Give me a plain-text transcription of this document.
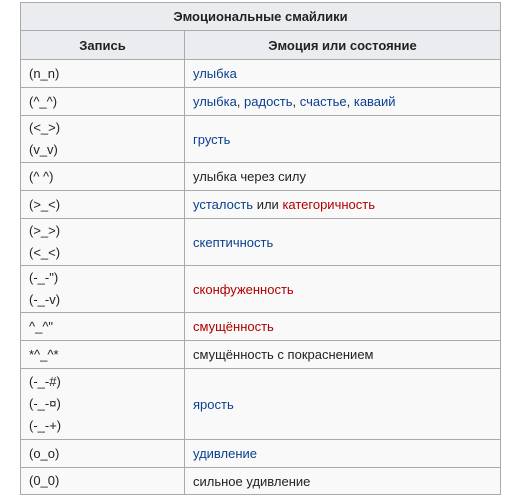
Эмоциональные смайлики	
Запись	Эмоция или состояние

(n_n)	улыбка

(^_^)	улыбка, радость, счастье, каваий

(<_>)
(v_v)	грусть

(^ ^)	улыбка через силу

(>_<)	усталость или категоричность

(>_>)
(<_<)	скептичность

(-_-")
(-_-v)	сконфуженность

^_^"	смущённость

*^_^*	смущённость с покраснением

(-_-#)
(-_-¤)
(-_-+)	ярость

(o_o)	удивление

(0_0)	сильное удивление
